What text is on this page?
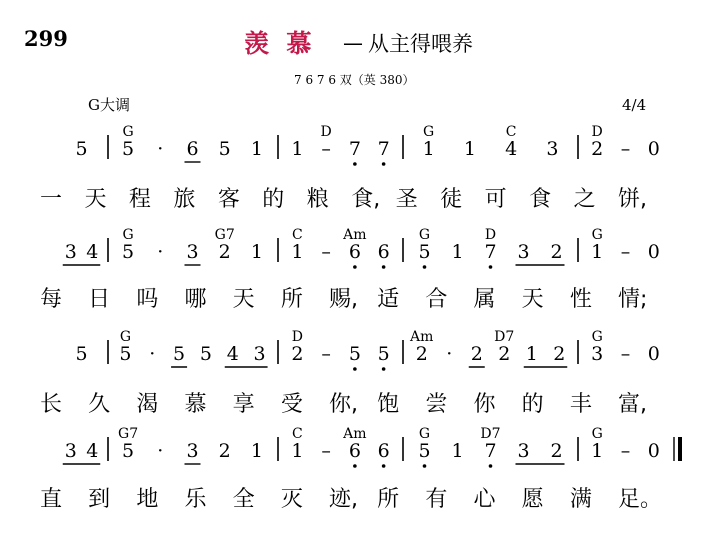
299	羡  慕 — 从主得喂养
7 6 7 6 双（英 380）
G大调	4/4
5 5 · 6 5 1 1 – 7 7 1 1 4 3 2 – 0
G	D	G	C	D
一 天 程 旅 客 的 粮 食, 圣 徒 可 食 之 饼,
3 4 5 · 3 2 1 1 – 6 6 5 1 7 3 2 1 – 0
G	G7	C	Am	G	D	G
每 日 吗 哪 天 所 赐, 适 合 属 天 性 情;
5 5 · 5 5 4 3 2 – 5 5 2 · 2 2 1 2 3 – 0
G	D	Am	D7	G
长 久 渴 慕 享 受 你, 饱 尝 你 的 丰 富,
3 4 5 · 3 2 1 1 – 6 6 5 1 7 3 2 1 – 0
G7	C	Am	G	D7	G
直 到 地 乐 全 灭 迹, 所 有 心 愿 满 足。
